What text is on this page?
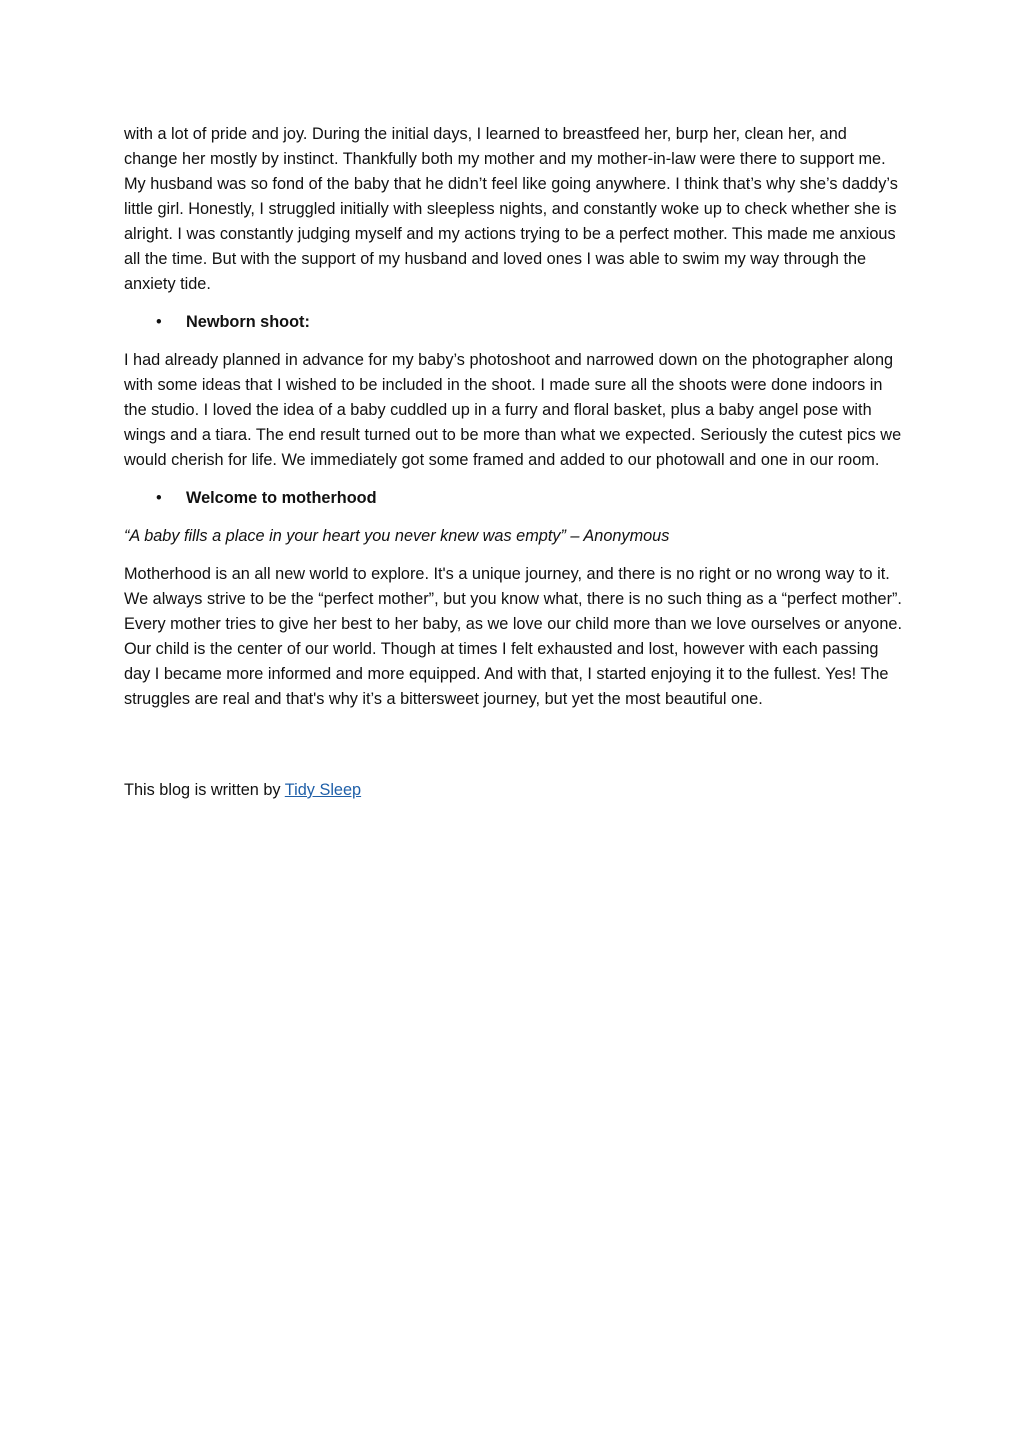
with a lot of pride and joy. During the initial days, I learned to breastfeed her, burp her, clean her, and change her mostly by instinct. Thankfully both my mother and my mother-in-law were there to support me. My husband was so fond of the baby that he didn’t feel like going anywhere. I think that’s why she’s daddy’s little girl. Honestly, I struggled initially with sleepless nights, and constantly woke up to check whether she is alright. I was constantly judging myself and my actions trying to be a perfect mother. This made me anxious all the time. But with the support of my husband and loved ones I was able to swim my way through the anxiety tide.

• Newborn shoot:

I had already planned in advance for my baby’s photoshoot and narrowed down on the photographer along with some ideas that I wished to be included in the shoot. I made sure all the shoots were done indoors in the studio. I loved the idea of a baby cuddled up in a furry and floral basket, plus a baby angel pose with wings and a tiara. The end result turned out to be more than what we expected. Seriously the cutest pics we would cherish for life. We immediately got some framed and added to our photowall and one in our room.

• Welcome to motherhood

“A baby fills a place in your heart you never knew was empty” – Anonymous

Motherhood is an all new world to explore. It's a unique journey, and there is no right or no wrong way to it. We always strive to be the “perfect mother”, but you know what, there is no such thing as a “perfect mother”. Every mother tries to give her best to her baby, as we love our child more than we love ourselves or anyone. Our child is the center of our world. Though at times I felt exhausted and lost, however with each passing day I became more informed and more equipped. And with that, I started enjoying it to the fullest. Yes! The struggles are real and that's why it’s a bittersweet journey, but yet the most beautiful one.

This blog is written by Tidy Sleep
